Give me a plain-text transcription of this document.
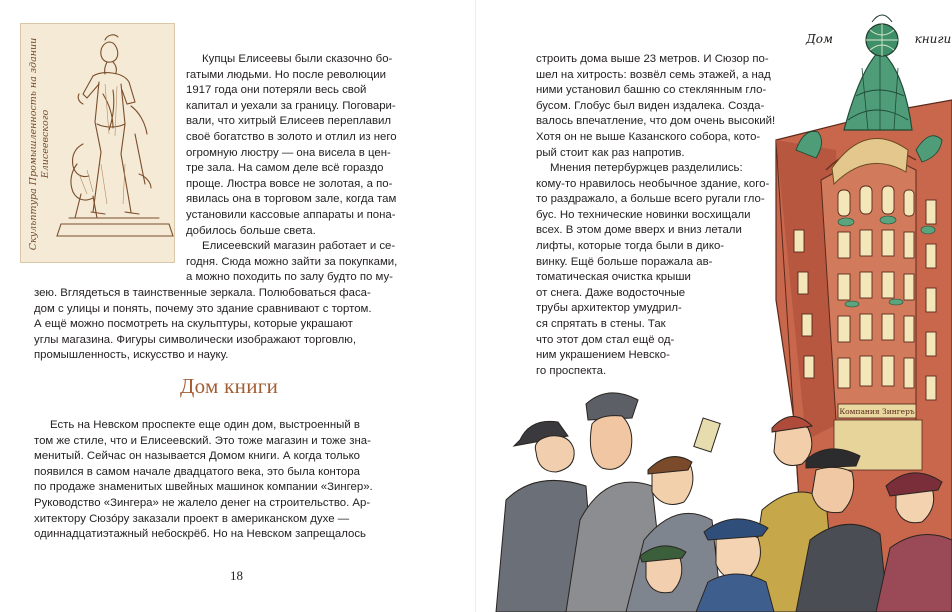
Скульптура Промышленность на здании Елисеевского
Купцы Елисеевы были сказочно бо-
гатыми людьми. Но после революции
1917 года они потеряли весь свой
капитал и уехали за границу. Поговари-
вали, что хитрый Елисеев переплавил
своё богатство в золото и отлил из него
огромную люстру — она висела в цен-
тре зала. На самом деле всё гораздо
проще. Люстра вовсе не золотая, а по-
явилась она в торговом зале, когда там
установили кассовые аппараты и пона-
добилось больше света.
Елисеевский магазин работает и се-
годня. Сюда можно зайти за покупками,
а можно походить по залу будто по му-
зею. Вглядеться в таинственные зеркала. Полюбоваться фаса-
дом с улицы и понять, почему это здание сравнивают с тортом.
А ещё можно посмотреть на скульптуры, которые украшают
углы магазина. Фигуры символически изображают торговлю,
промышленность, искусство и науку.
Дом книги
Есть на Невском проспекте еще один дом, выстроенный в
том же стиле, что и Елисеевский. Это тоже магазин и тоже зна-
менитый. Сейчас он называется Домом книги. А когда только
появился в самом начале двадцатого века, это была контора
по продаже знаменитых швейных машинок компании «Зингер».
Руководство «Зингера» не жалело денег на строительство. Ар-
хитектору Сюзóру заказали проект в американском духе —
одиннадцатиэтажный небоскрёб. Но на Невском запрещалось
18
Компания Зингеръ
Дом	книги
строить дома выше 23 метров. И Сюзор по-
шел на хитрость: возвёл семь этажей, а над
ними установил башню со стеклянным гло-
бусом. Глобус был виден издалека. Созда-
валось впечатление, что дом очень высокий!
Хотя он не выше Казанского собора, кото-
рый стоит как раз напротив.
Мнения петербуржцев разделились:
кому-то нравилось необычное здание, кого-
то раздражало, а больше всего ругали гло-
бус. Но технические новинки восхищали
всех. В этом доме вверх и вниз летали
лифты, которые тогда были в дико-
винку. Ещё больше поражала ав-
томатическая очистка крыши
от снега. Даже водосточные
трубы архитектор умудрил-
ся спрятать в стены. Так
что этот дом стал ещё од-
ним украшением Невско-
го проспекта.
